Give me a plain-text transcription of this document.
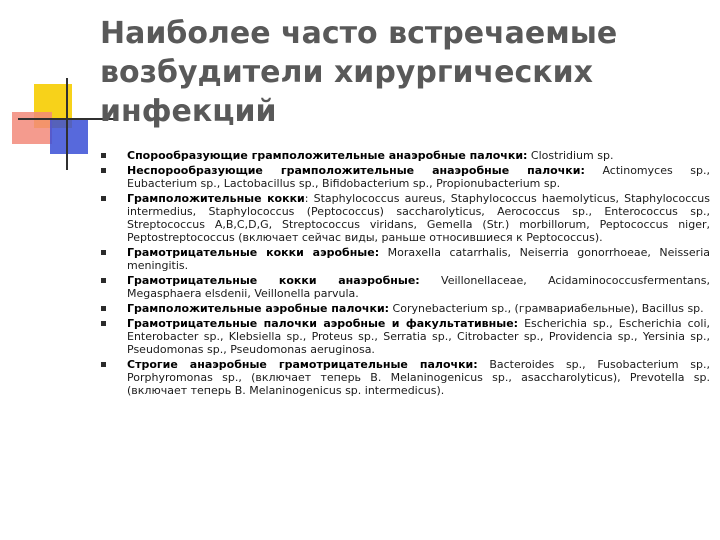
Наиболее часто встречаемые возбудители хирургических инфекций
Спорообразующие грамположительные анаэробные палочки: Clostridium sp.
Неспорообразующие грамположительные анаэробные палочки: Actinomyces sp., Eubacterium sp., Lactobacillus sp., Bifidobacterium sp., Propionubacterium sp.
Грамположительные кокки: Staphylococcus aureus, Staphylococcus haemolyticus, Staphylococcus intermedius, Staphylococcus (Peptococcus) saccharolyticus, Aerococcus sp., Enterococcus sp., Streptococcus A,B,C,D,G, Streptococcus viridans, Gemella (Str.) morbillorum, Peptococcus niger, Peptostreptococcus (включает сейчас виды, раньше относившиеся к Peptococcus).
Грамотрицательные кокки аэробные: Moraxella catarrhalis, Neiserria gonorrhoeae, Neisseria meningitis.
Грамотрицательные кокки анаэробные: Veillonellaceae, Acidaminococcusfermentans, Megasphaera elsdenii, Veillonella parvula.
Грамположительные аэробные палочки: Corynebacterium sp., (грамвариабельные), Bacillus sp.
Грамотрицательные палочки аэробные и факультативные: Escherichia sp., Escherichia coli, Enterobacter sp., Klebsiella sp., Proteus sp., Serratia sp., Citrobacter sp., Providencia sp., Yersinia sp., Pseudomonas sp., Pseudomonas aeruginosa.
Строгие анаэробные грамотрицательные палочки: Bacteroides sp., Fusobacterium sp., Porphyromonas sp., (включает теперь B. Melaninogenicus sp., asaccharolyticus), Prevotella sp. (включает теперь B. Melaninogenicus sp. intermedicus).
